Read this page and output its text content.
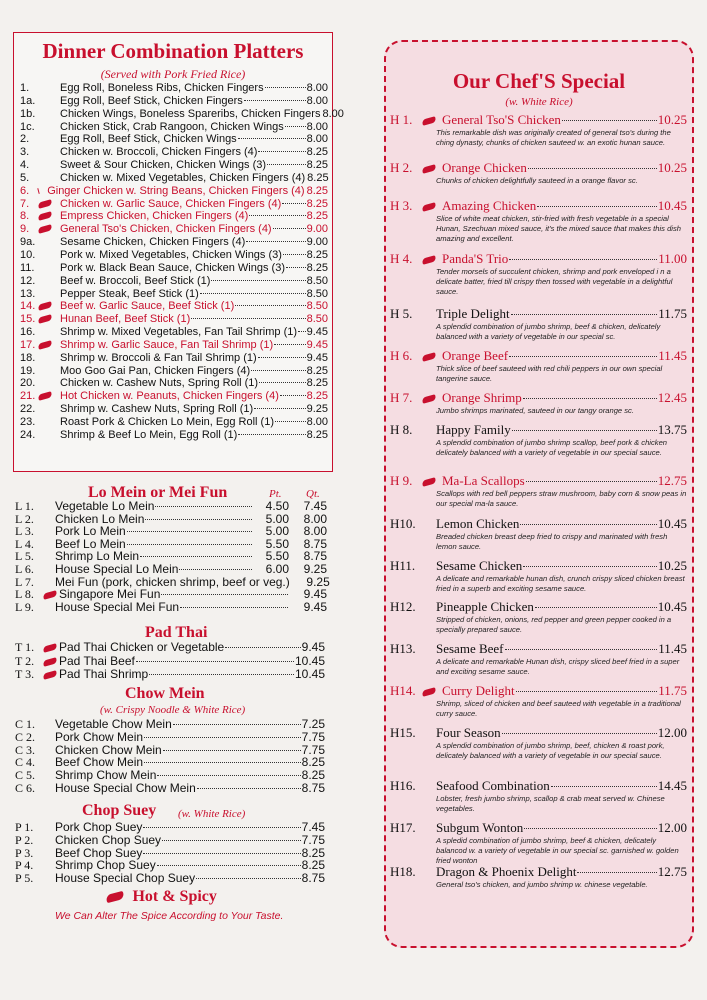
Dinner Combination Platters
(Served with Pork Fried Rice)
1.	Egg Roll, Boneless Ribs, Chicken Fingers	8.00
1a.	Egg Roll, Beef Stick, Chicken Fingers	8.00
1b.	Chicken Wings, Boneless Spareribs, Chicken Fingers 8.00
1c.	Chicken Stick, Crab Rangoon, Chicken Wings 8.00
2.	Egg Roll, Beef Stick, Chicken Wings	8.00
3.	Chicken w. Broccoli, Chicken Fingers (4)	8.25
4.	Sweet & Sour Chicken, Chicken Wings (3)	8.25
5.	Chicken w. Mixed Vegetables, Chicken Fingers (4) 8.25
6.	Ginger Chicken w. String Beans, Chicken Fingers (4) 8.25
7.	Chicken w. Garlic Sauce, Chicken Fingers (4) 8.25
8.	Empress Chicken, Chicken Fingers (4)	8.25
9.	General Tso's Chicken, Chicken Fingers (4)	9.00
9a.	Sesame Chicken, Chicken Fingers (4)	9.00
10.	Pork w. Mixed Vegetables, Chicken Wings (3) 8.25
11.	Pork w. Black Bean Sauce, Chicken Wings (3) 8.25
12.	Beef w. Broccoli, Beef Stick (1)	8.50
13.	Pepper Steak, Beef Stick (1)	8.50
14.	Beef w. Garlic Sauce, Beef Stick (1)	8.50
15.	Hunan Beef, Beef Stick (1)	8.50
16.	Shrimp w. Mixed Vegetables, Fan Tail Shrimp (1) 9.45
17.	Shrimp w. Garlic Sauce, Fan Tail Shrimp (1)	9.45
18.	Shrimp w. Broccoli & Fan Tail Shrimp (1)	9.45
19.	Moo Goo Gai Pan, Chicken Fingers (4)	8.25
20.	Chicken w. Cashew Nuts, Spring Roll (1)	8.25
21.	Hot Chicken w. Peanuts, Chicken Fingers (4)	8.25
22.	Shrimp w. Cashew Nuts, Spring Roll (1)	9.25
23.	Roast Pork & Chicken Lo Mein, Egg Roll (1)	8.00
24.	Shrimp & Beef Lo Mein, Egg Roll (1)	8.25
Lo Mein or Mei Fun	Pt. Qt.
L 1.	Vegetable Lo Mein	4.50	7.45
L 2.	Chicken Lo Mein	5.00	8.00
L 3.	Pork Lo Mein	5.00	8.00
L 4.	Beef Lo Mein	5.50	8.75
L 5.	Shrimp Lo Mein	5.50	8.75
L 6.	House Special Lo Mein	6.00	9.25
L 7.	Mei Fun (pork, chicken shrimp, beef or veg.)	9.25
L 8.	Singapore Mei Fun	9.45
L 9.	House Special Mei Fun	9.45
Pad Thai
T 1.	Pad Thai Chicken or Vegetable	9.45
T 2.	Pad Thai Beef	10.45
T 3.	Pad Thai Shrimp	10.45
Chow Mein
(w. Crispy Noodle & White Rice)
C 1.	Vegetable Chow Mein	7.25
C 2.	Pork Chow Mein	7.75
C 3.	Chicken Chow Mein	7.75
C 4.	Beef Chow Mein	8.25
C 5.	Shrimp Chow Mein	8.25
C 6.	House Special Chow Mein	8.75
Chop Suey (w. White Rice)
P 1.	Pork Chop Suey	7.45
P 2.	Chicken Chop Suey	7.75
P 3.	Beef Chop Suey	8.25
P 4.	Shrimp Chop Suey	8.25
P 5.	House Special Chop Suey	8.75
Hot & Spicy
We Can Alter The Spice According to Your Taste.
Our Chef'S Special
(w. White Rice)
H 1.	General Tso'S Chicken	10.25
This remarkable dish was originally created of general tso's during the ching dynasty, chunks of chicken sauteed w. an exotic hunan sauce.
H 2.	Orange Chicken	10.25
Chunks of chicken delightfully sauteed in a orange flavor sc.
H 3.	Amazing Chicken	10.45
Slice of white meat chicken, stir-fried with fresh vegetable in a special Hunan, Szechuan mixed sauce, it's the mixed sauce that makes this dish amazing and excellent.
H 4.	Panda'S Trio	11.00
Tender morsels of succulent chicken, shrimp and pork enveloped i n a delicate batter, fried till crispy then tossed with vegetable in a delightful sauce.
H 5.	Triple Delight	11.75
A splendid combination of jumbo shrimp, beef & chicken, delicately balanced with a variety of vegetable in our special sc.
H 6.	Orange Beef	11.45
Thick slice of beef sauteed with red chili peppers in our own special tangerine sauce.
H 7.	Orange Shrimp	12.45
Jumbo shrimps marinated, sauteed in our tangy orange sc.
H 8.	Happy Family	13.75
A splendid combination of jumbo shrimp scallop, beef pork & chicken delicately balanced with a variety of vegetable in our special sauce.
H 9.	Ma-La Scallops	12.75
Scallops with red bell peppers straw mushroom, baby corn & snow peas in our special ma-la sauce.
H10.	Lemon Chicken	10.45
Breaded chicken breast deep fried to crispy and marinated with fresh lemon sauce.
H11.	Sesame Chicken	10.25
A delicate and remarkable hunan dish, crunch crispy sliced chicken breast fried in a superb and exciting sesame sauce.
H12.	Pineapple Chicken	10.45
Stripped of chicken, onions, red pepper and green pepper cooked in a specially prepared sauce.
H13.	Sesame Beef	11.45
A delicate and remarkable Hunan dish, crispy sliced beef fried in a super and exciting sesame sauce.
H14.	Curry Delight	11.75
Shrimp, sliced of chicken and beef sauteed with vegetable in a traditional curry sauce.
H15.	Four Season	12.00
A splendid combination of jumbo shrimp, beef, chicken & roast pork, delicately balanced with a variety of vegetable in our special sauce.
H16.	Seafood Combination	14.45
Lobster, fresh jumbo shrimp, scallop & crab meat served w. Chinese vegetables.
H17.	Subgum Wonton	12.00
A spledid combination of jumbo shrimp, beef & chicken, delicately balancod w. a variety of vegetable in our special sc. garnished w. golden fried wonton
H18.	Dragon & Phoenix Delight	12.75
General tso's chicken, and jumbo shrimp w. chinese vegetable.
